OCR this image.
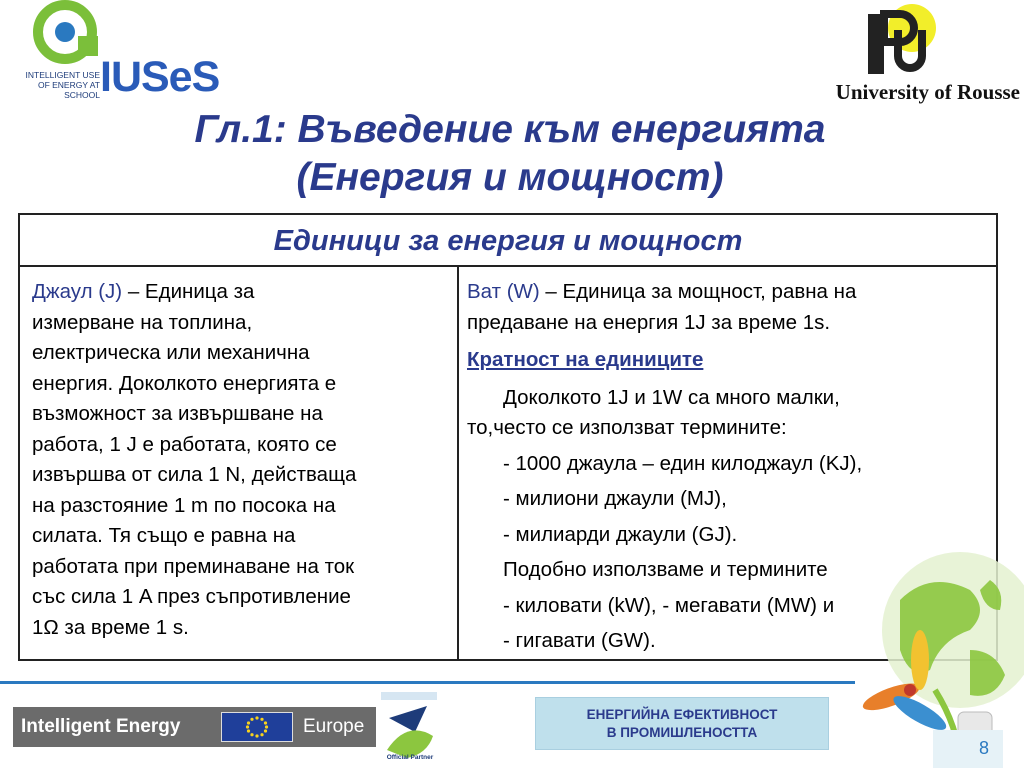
INTELLIGENT USE
OF ENERGY AT SCHOOL IUSeS	University of Rousse
Гл.1: Въведение към енергията
(Енергия и мощност)
Единици за енергия и мощност
Джаул (J) – Единица за
измерване на топлина,
електрическа или механична
енергия. Доколкото енергията е
възможност за извършване на
работа, 1 J е работата, която се
извършва от сила 1 N, действаща
на разстояние 1 m по посока на
силата. Тя също е равна на
работата при преминаване на ток
със сила 1 A през съпротивление
1Ω за време 1 s.
Ват (W) – Единица за мощност, равна на
предаване на енергия 1J за време 1s.
Кратност на единиците
Доколкото 1J и 1W са много малки,
то,често се използват термините:
- 1000 джаула – един килоджаул (KJ),
- милиони джаули (MJ),
- милиарди джаули (GJ).
Подобно използваме и термините
- киловати (kW), - мегавати (MW) и
- гигавати (GW).
Intelligent Energy	Europe
Official Partner
ЕНЕРГИЙНА ЕФЕКТИВНОСТ
В ПРОМИШЛЕНОСТТА
8
